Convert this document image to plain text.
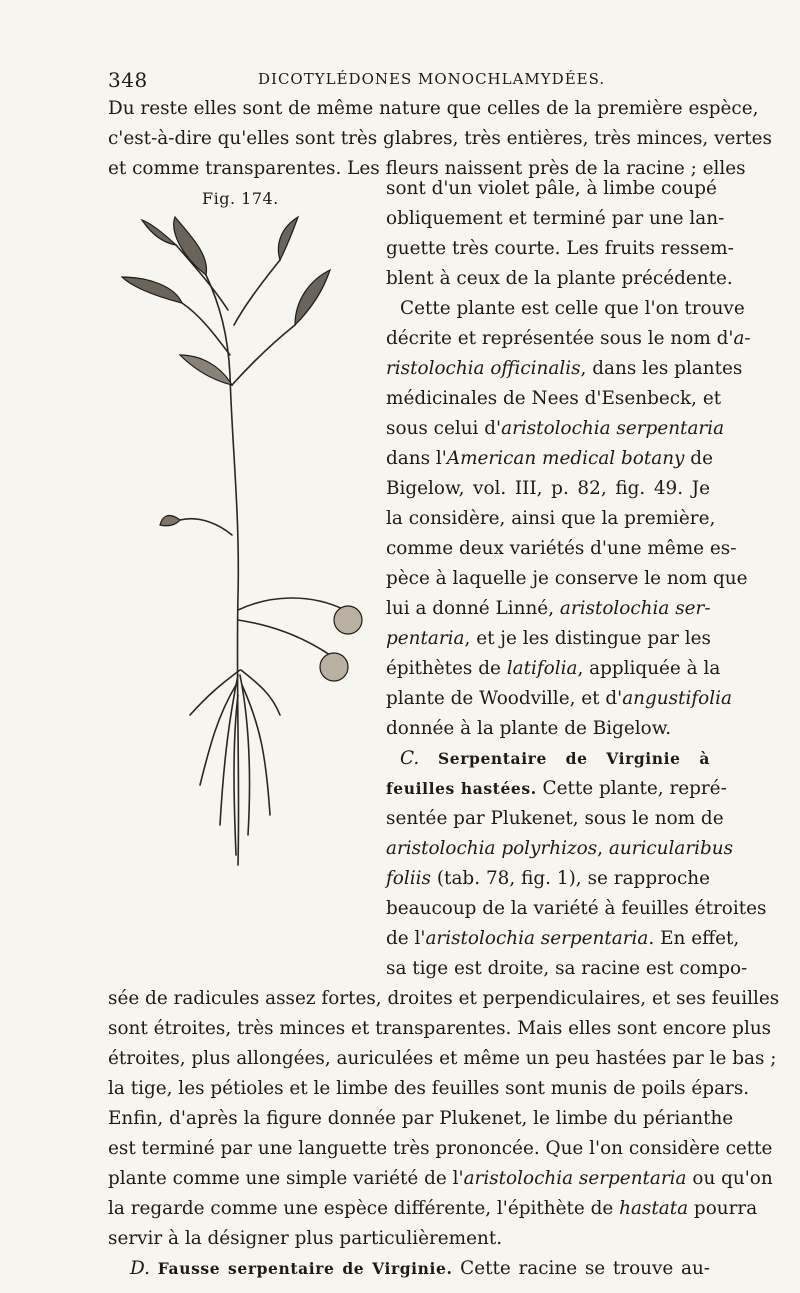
348	DICOTYLÉDONES MONOCHLAMYDÉES.
Du reste elles sont de même nature que celles de la première espèce,
c'est-à-dire qu'elles sont très glabres, très entières, très minces, vertes
et comme transparentes. Les fleurs naissent près de la racine ; elles
Fig. 174.	sont d'un violet pâle, à limbe coupé
obliquement et terminé par une lan-
guette très courte. Les fruits ressem-
blent à ceux de la plante précédente.
Cette plante est celle que l'on trouve
décrite et représentée sous le nom d'a-
ristolochia officinalis, dans les plantes
médicinales de Nees d'Esenbeck, et
sous celui d'aristolochia serpentaria
dans l'American medical botany de
Bigelow, vol. III, p. 82, fig. 49. Je
la considère, ainsi que la première,
comme deux variétés d'une même es-
pèce à laquelle je conserve le nom que
lui a donné Linné, aristolochia ser-
pentaria, et je les distingue par les
épithètes de latifolia, appliquée à la
plante de Woodville, et d'angustifolia
donnée à la plante de Bigelow.
C. Serpentaire de Virginie à
feuilles hastées. Cette plante, repré-
sentée par Plukenet, sous le nom de
aristolochia polyrhizos, auricularibus
foliis (tab. 78, fig. 1), se rapproche
beaucoup de la variété à feuilles étroites
de l'aristolochia serpentaria. En effet,
sa tige est droite, sa racine est compo-
sée de radicules assez fortes, droites et perpendiculaires, et ses feuilles
sont étroites, très minces et transparentes. Mais elles sont encore plus
étroites, plus allongées, auriculées et même un peu hastées par le bas ;
la tige, les pétioles et le limbe des feuilles sont munis de poils épars.
Enfin, d'après la figure donnée par Plukenet, le limbe du périanthe
est terminé par une languette très prononcée. Que l'on considère cette
plante comme une simple variété de l'aristolochia serpentaria ou qu'on
la regarde comme une espèce différente, l'épithète de hastata pourra
servir à la désigner plus particulièrement.
D. Fausse serpentaire de Virginie. Cette racine se trouve au-
